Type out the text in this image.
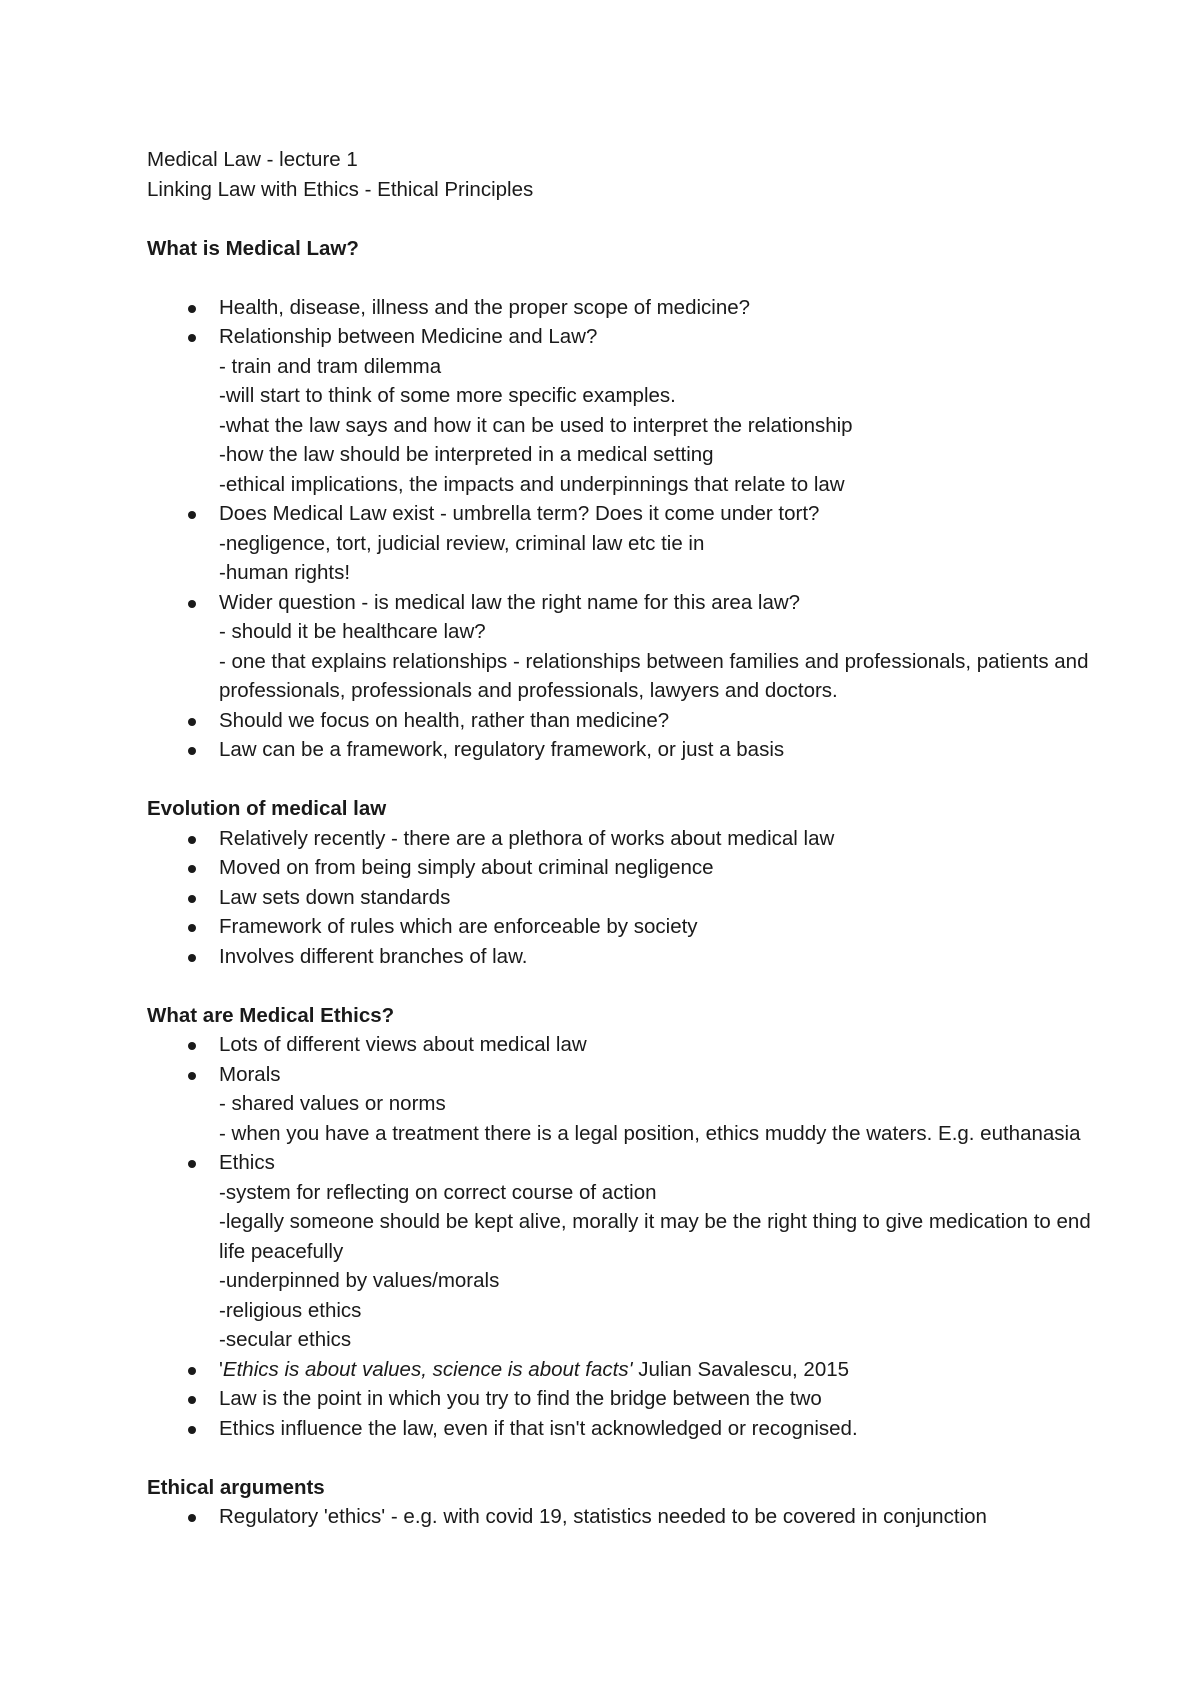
Medical Law - lecture 1

Linking Law with Ethics - Ethical Principles

What is Medical Law?

Health, disease, illness and the proper scope of medicine?
Relationship between Medicine and Law?
- train and tram dilemma
-will start to think of some more specific examples.
-what the law says and how it can be used to interpret the relationship
-how the law should be interpreted in a medical setting
-ethical implications, the impacts and underpinnings that relate to law
Does Medical Law exist - umbrella term? Does it come under tort?
-negligence, tort, judicial review, criminal law etc tie in
-human rights!
Wider question - is medical law the right name for this area law?
- should it be healthcare law?
- one that explains relationships - relationships between families and professionals, patients and professionals, professionals and professionals, lawyers and doctors.
Should we focus on health, rather than medicine?
Law can be a framework, regulatory framework, or just a basis

Evolution of medical law

Relatively recently - there are a plethora of works about medical law
Moved on from being simply about criminal negligence
Law sets down standards
Framework of rules which are enforceable by society
Involves different branches of law.

What are Medical Ethics?

Lots of different views about medical law
Morals
- shared values or norms
- when you have a treatment there is a legal position, ethics muddy the waters. E.g. euthanasia
Ethics
-system for reflecting on correct course of action
-legally someone should be kept alive, morally it may be the right thing to give medication to end life peacefully
-underpinned by values/morals
-religious ethics
-secular ethics
'Ethics is about values, science is about facts' Julian Savalescu, 2015
Law is the point in which you try to find the bridge between the two
Ethics influence the law, even if that isn't acknowledged or recognised.

Ethical arguments

Regulatory 'ethics' - e.g. with covid 19, statistics needed to be covered in conjunction
